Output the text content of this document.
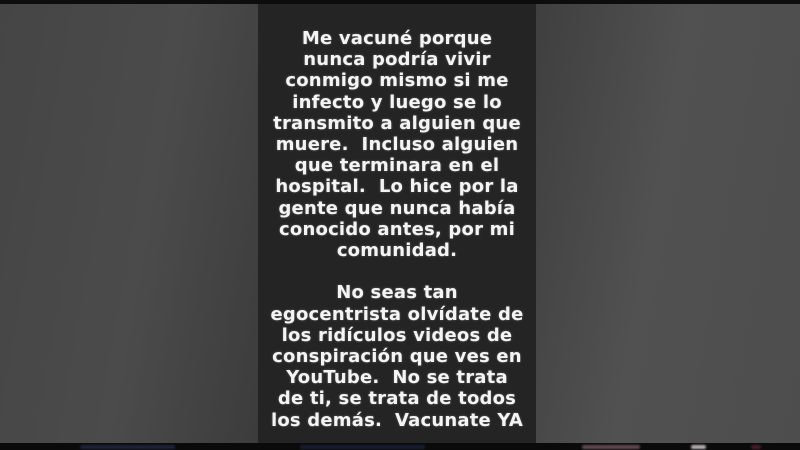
Me vacuné porque
nunca podría vivir
conmigo mismo si me
infecto y luego se lo
transmito a alguien que
muere.  Incluso alguien
que terminara en el
hospital.  Lo hice por la
gente que nunca había
conocido antes, por mi
comunidad.
No seas tan
egocentrista olvídate de
los ridículos videos de
conspiración que ves en
YouTube.  No se trata
de ti, se trata de todos
los demás.  Vacunate YA
